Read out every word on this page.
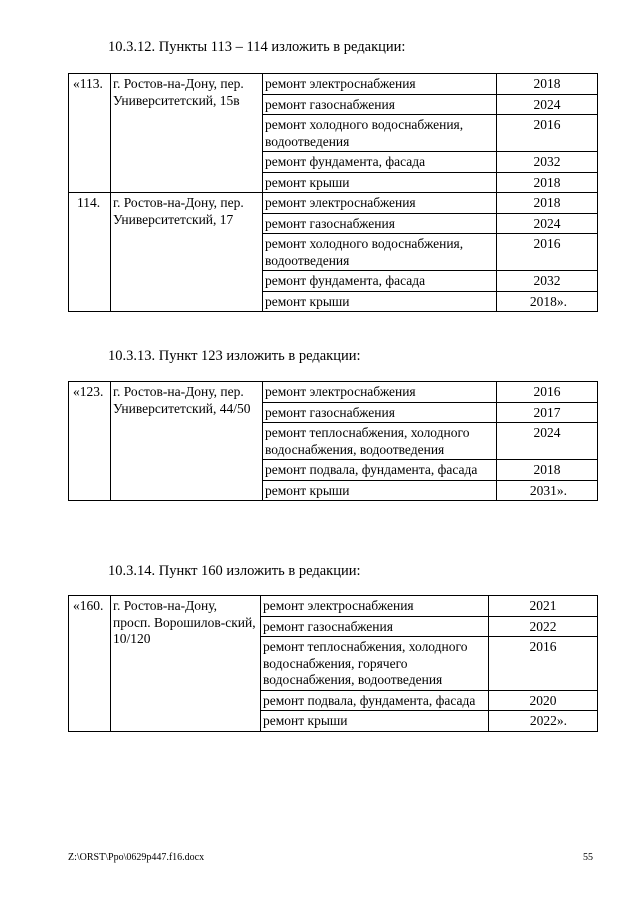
10.3.12. Пункты 113 – 114 изложить в редакции:
«113.	г. Ростов-на-Дону, пер. Университетский, 15в	ремонт электроснабжения	2018
		ремонт газоснабжения	2024
		ремонт холодного водоснабжения, водоотведения	2016
		ремонт фундамента, фасада	2032
		ремонт крыши	2018
114.	г. Ростов-на-Дону, пер. Университетский, 17	ремонт электроснабжения	2018
		ремонт газоснабжения	2024
		ремонт холодного водоснабжения, водоотведения	2016
		ремонт фундамента, фасада	2032
		ремонт крыши	2018».
10.3.13. Пункт 123 изложить в редакции:
«123.	г. Ростов-на-Дону, пер. Университетский, 44/50	ремонт электроснабжения	2016
		ремонт газоснабжения	2017
		ремонт теплоснабжения, холодного водоснабжения, водоотведения	2024
		ремонт подвала, фундамента, фасада	2018
		ремонт крыши	2031».
10.3.14. Пункт 160 изложить в редакции:
«160.	г. Ростов-на-Дону, просп. Ворошилов-ский, 10/120	ремонт электроснабжения	2021
		ремонт газоснабжения	2022
		ремонт теплоснабжения, холодного водоснабжения, горячего водоснабжения, водоотведения	2016
		ремонт подвала, фундамента, фасада	2020
		ремонт крыши	2022».
Z:\ORST\Ppo\0629p447.f16.docx	55
